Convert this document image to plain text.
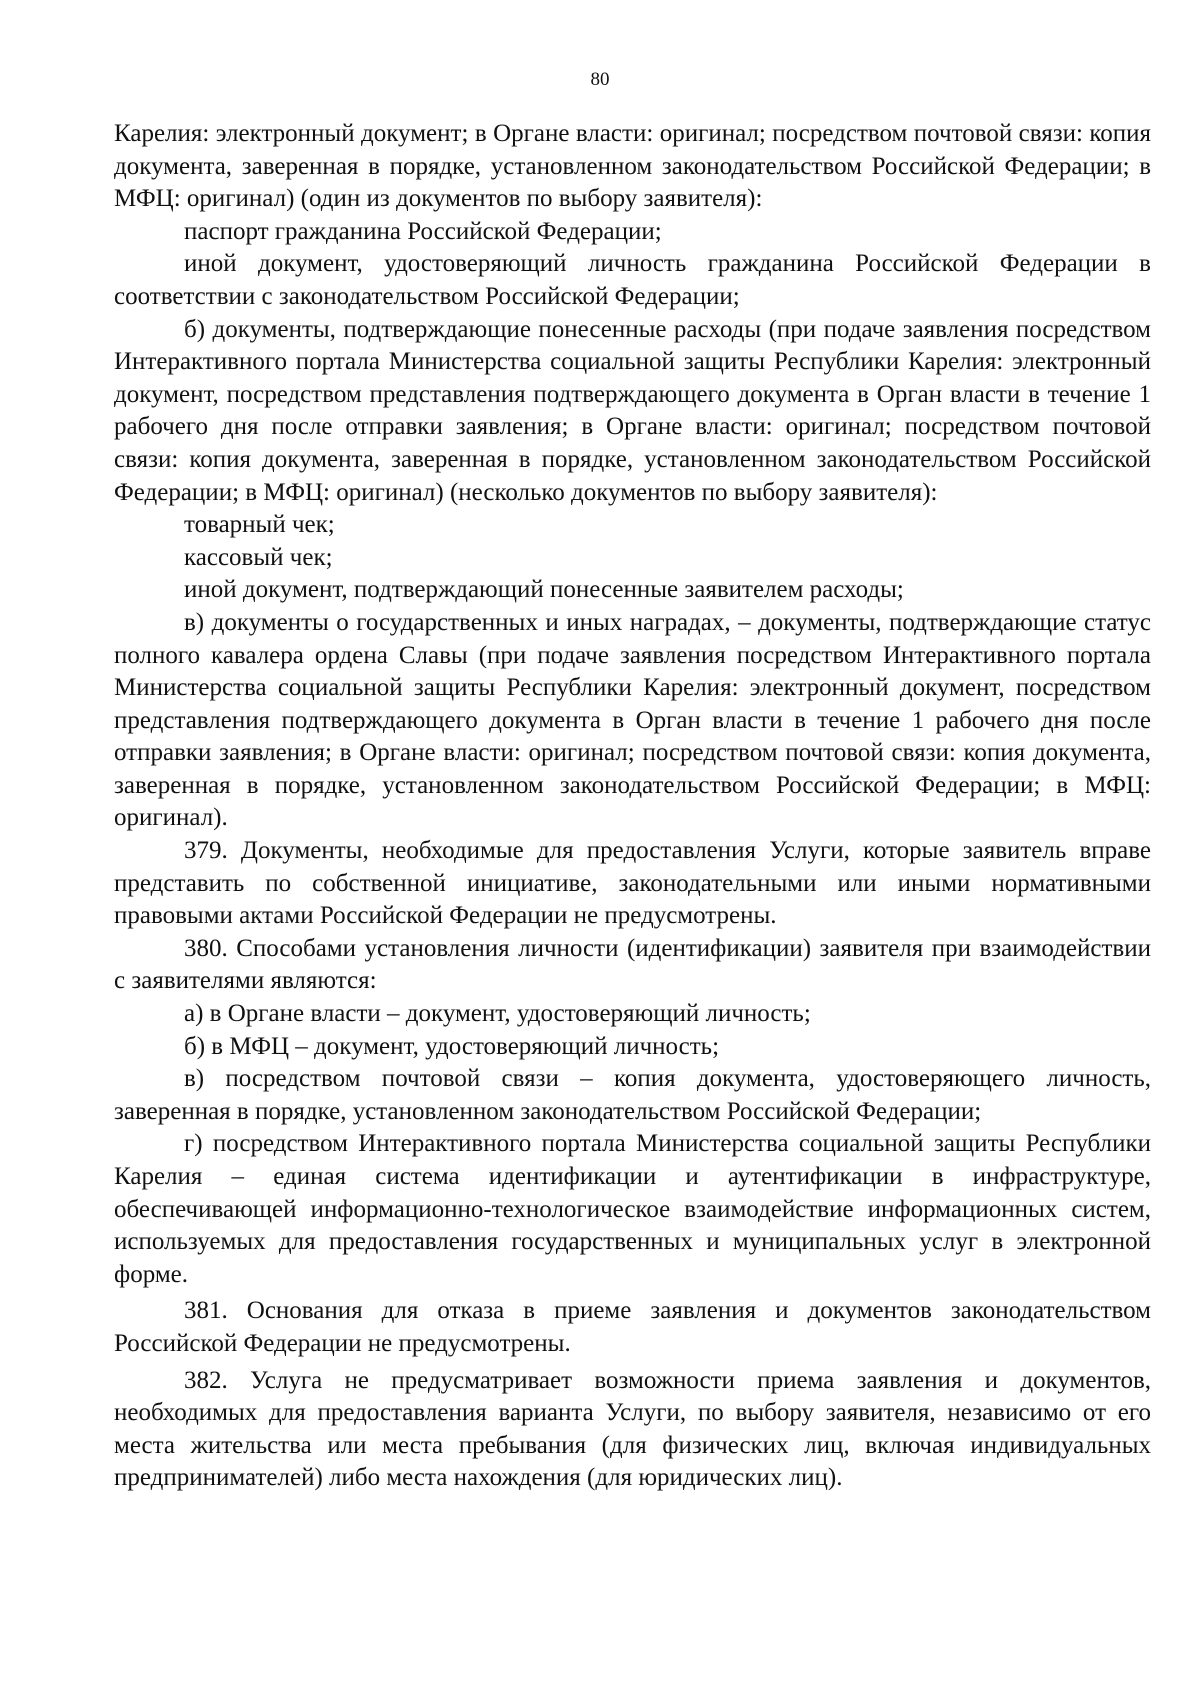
80

Карелия: электронный документ; в Органе власти: оригинал; посредством почтовой связи: копия документа, заверенная в порядке, установленном законодательством Российской Федерации; в МФЦ: оригинал) (один из документов по выбору заявителя):

паспорт гражданина Российской Федерации;

иной документ, удостоверяющий личность гражданина Российской Федерации в соответствии с законодательством Российской Федерации;

б) документы, подтверждающие понесенные расходы (при подаче заявления посредством Интерактивного портала Министерства социальной защиты Республики Карелия: электронный документ, посредством представления подтверждающего документа в Орган власти в течение 1 рабочего дня после отправки заявления; в Органе власти: оригинал; посредством почтовой связи: копия документа, заверенная в порядке, установленном законодательством Российской Федерации; в МФЦ: оригинал) (несколько документов по выбору заявителя):

товарный чек;

кассовый чек;

иной документ, подтверждающий понесенные заявителем расходы;

в) документы о государственных и иных наградах, – документы, подтверждающие статус полного кавалера ордена Славы (при подаче заявления посредством Интерактивного портала Министерства социальной защиты Республики Карелия: электронный документ, посредством представления подтверждающего документа в Орган власти в течение 1 рабочего дня после отправки заявления; в Органе власти: оригинал; посредством почтовой связи: копия документа, заверенная в порядке, установленном законодательством Российской Федерации; в МФЦ: оригинал).

379. Документы, необходимые для предоставления Услуги, которые заявитель вправе представить по собственной инициативе, законодательными или иными нормативными правовыми актами Российской Федерации не предусмотрены.

380. Способами установления личности (идентификации) заявителя при взаимодействии с заявителями являются:

а) в Органе власти – документ, удостоверяющий личность;

б) в МФЦ – документ, удостоверяющий личность;

в) посредством почтовой связи – копия документа, удостоверяющего личность, заверенная в порядке, установленном законодательством Российской Федерации;

г) посредством Интерактивного портала Министерства социальной защиты Республики Карелия – единая система идентификации и аутентификации в инфраструктуре, обеспечивающей информационно-технологическое взаимодействие информационных систем, используемых для предоставления государственных и муниципальных услуг в электронной форме.

381. Основания для отказа в приеме заявления и документов законодательством Российской Федерации не предусмотрены.

382. Услуга не предусматривает возможности приема заявления и документов, необходимых для предоставления варианта Услуги, по выбору заявителя, независимо от его места жительства или места пребывания (для физических лиц, включая индивидуальных предпринимателей) либо места нахождения (для юридических лиц).
